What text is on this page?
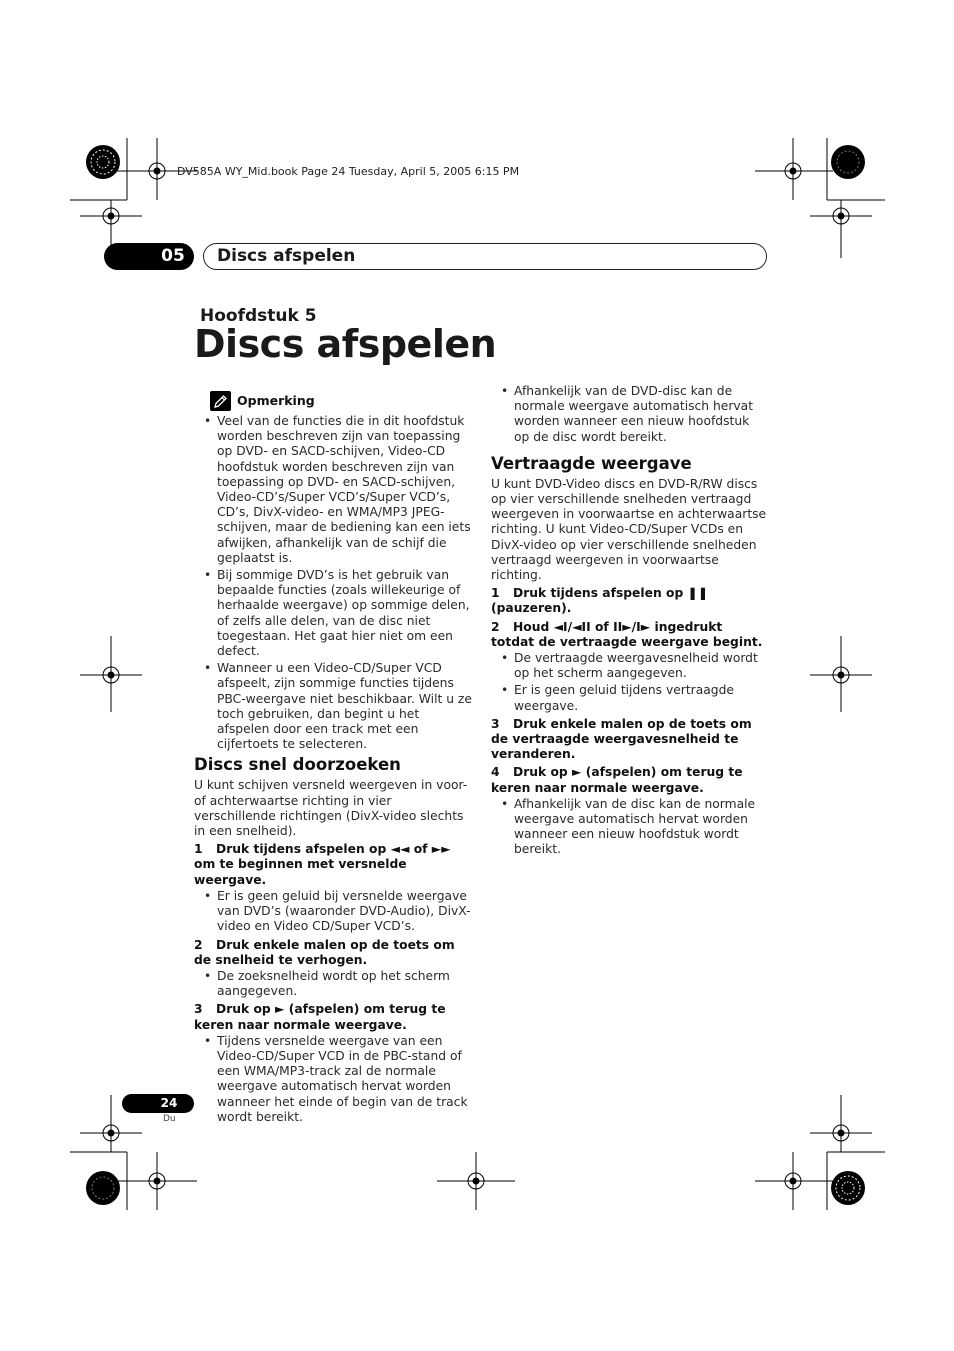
DV585A WY_Mid.book Page 24 Tuesday, April 5, 2005 6:15 PM
05	Discs afspelen
Hoofdstuk 5
Discs afspelen
Opmerking
• Veel van de functies die in dit hoofdstuk worden beschreven zijn van toepassing op DVD- en SACD-schijven, Video-CD hoofdstuk worden beschreven zijn van toepassing op DVD- en SACD-schijven, Video-CD’s/Super VCD’s/Super VCD’s, CD’s, DivX-video- en WMA/MP3 JPEG-schijven, maar de bediening kan een iets afwijken, afhankelijk van de schijf die geplaatst is.
• Bij sommige DVD’s is het gebruik van bepaalde functies (zoals willekeurige of herhaalde weergave) op sommige delen, of zelfs alle delen, van de disc niet toegestaan. Het gaat hier niet om een defect.
• Wanneer u een Video-CD/Super VCD afspeelt, zijn sommige functies tijdens PBC-weergave niet beschikbaar. Wilt u ze toch gebruiken, dan begint u het afspelen door een track met een cijfertoets te selecteren.
Discs snel doorzoeken

U kunt schijven versneld weergeven in voor- of achterwaartse richting in vier verschillende richtingen (DivX-video slechts in een snelheid).

1 Druk tijdens afspelen op ◄◄ of ►► om te beginnen met versnelde weergave.
• Er is geen geluid bij versnelde weergave van DVD’s (waaronder DVD-Audio), DivX-video en Video CD/Super VCD’s.
2 Druk enkele malen op de toets om de snelheid te verhogen.
• De zoeksnelheid wordt op het scherm aangegeven.
3 Druk op ► (afspelen) om terug te keren naar normale weergave.
• Tijdens versnelde weergave van een Video-CD/Super VCD in de PBC-stand of een WMA/MP3-track zal de normale weergave automatisch hervat worden wanneer het einde of begin van de track wordt bereikt.
• Afhankelijk van de DVD-disc kan de normale weergave automatisch hervat worden wanneer een nieuw hoofdstuk op de disc wordt bereikt.
Vertraagde weergave

U kunt DVD-Video discs en DVD-R/RW discs op vier verschillende snelheden vertraagd weergeven in voorwaartse en achterwaartse richting. U kunt Video-CD/Super VCDs en DivX-video op vier verschillende snelheden vertraagd weergeven in voorwaartse richting.

1 Druk tijdens afspelen op ❚❚ (pauzeren).
2 Houd ◄I/◄II of II►/I► ingedrukt totdat de vertraagde weergave begint.
• De vertraagde weergavesnelheid wordt op het scherm aangegeven.
• Er is geen geluid tijdens vertraagde weergave.
3 Druk enkele malen op de toets om de vertraagde weergavesnelheid te veranderen.
4 Druk op ► (afspelen) om terug te keren naar normale weergave.
• Afhankelijk van de disc kan de normale weergave automatisch hervat worden wanneer een nieuw hoofdstuk wordt bereikt.
24
Du
